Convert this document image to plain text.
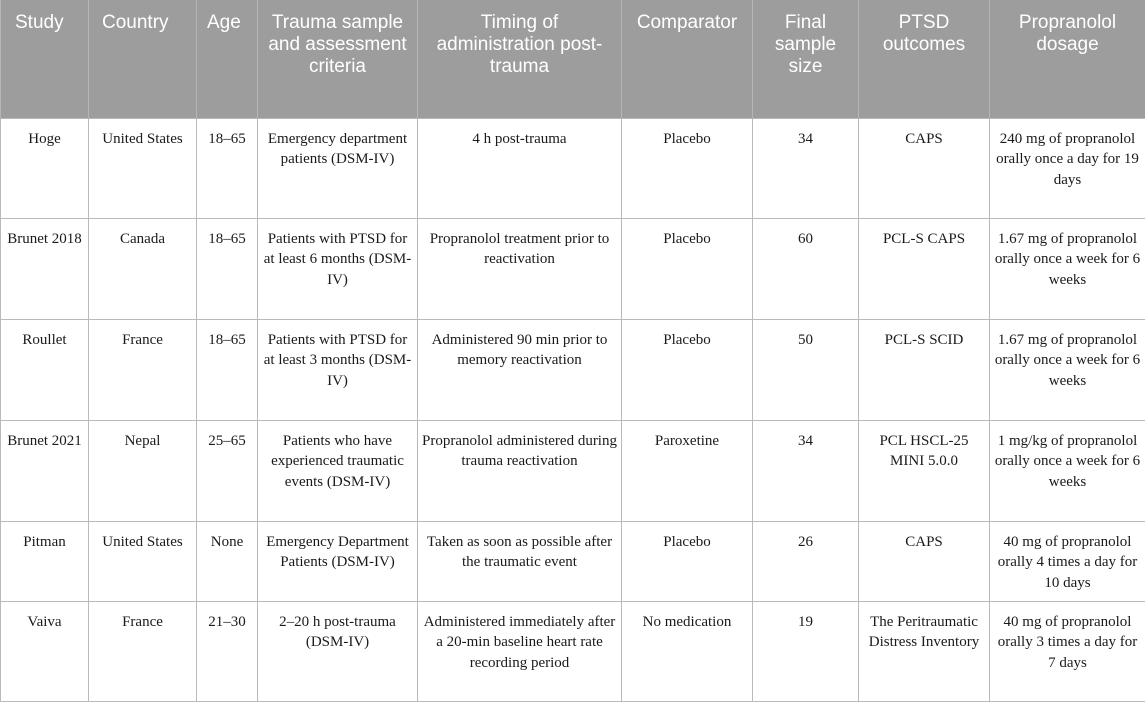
Study	Country	Age	Trauma sample and assessment criteria	Timing of administration post-trauma	Comparator	Final sample size	PTSD outcomes	Propranolol dosage
Hoge	United States	18–65	Emergency department patients (DSM-IV)	4 h post-trauma	Placebo	34	CAPS	240 mg of propranolol orally once a day for 19 days
Brunet 2018	Canada	18–65	Patients with PTSD for at least 6 months (DSM-IV)	Propranolol treatment prior to reactivation	Placebo	60	PCL-S CAPS	1.67 mg of propranolol orally once a week for 6 weeks
Roullet	France	18–65	Patients with PTSD for at least 3 months (DSM-IV)	Administered 90 min prior to memory reactivation	Placebo	50	PCL-S SCID	1.67 mg of propranolol orally once a week for 6 weeks
Brunet 2021	Nepal	25–65	Patients who have experienced traumatic events (DSM-IV)	Propranolol administered during trauma reactivation	Paroxetine	34	PCL HSCL-25 MINI 5.0.0	1 mg/kg of propranolol orally once a week for 6 weeks
Pitman	United States	None	Emergency Department Patients (DSM-IV)	Taken as soon as possible after the traumatic event	Placebo	26	CAPS	40 mg of propranolol orally 4 times a day for 10 days
Vaiva	France	21–30	2–20 h post-trauma (DSM-IV)	Administered immediately after a 20-min baseline heart rate recording period	No medication	19	The Peritraumatic Distress Inventory	40 mg of propranolol orally 3 times a day for 7 days
